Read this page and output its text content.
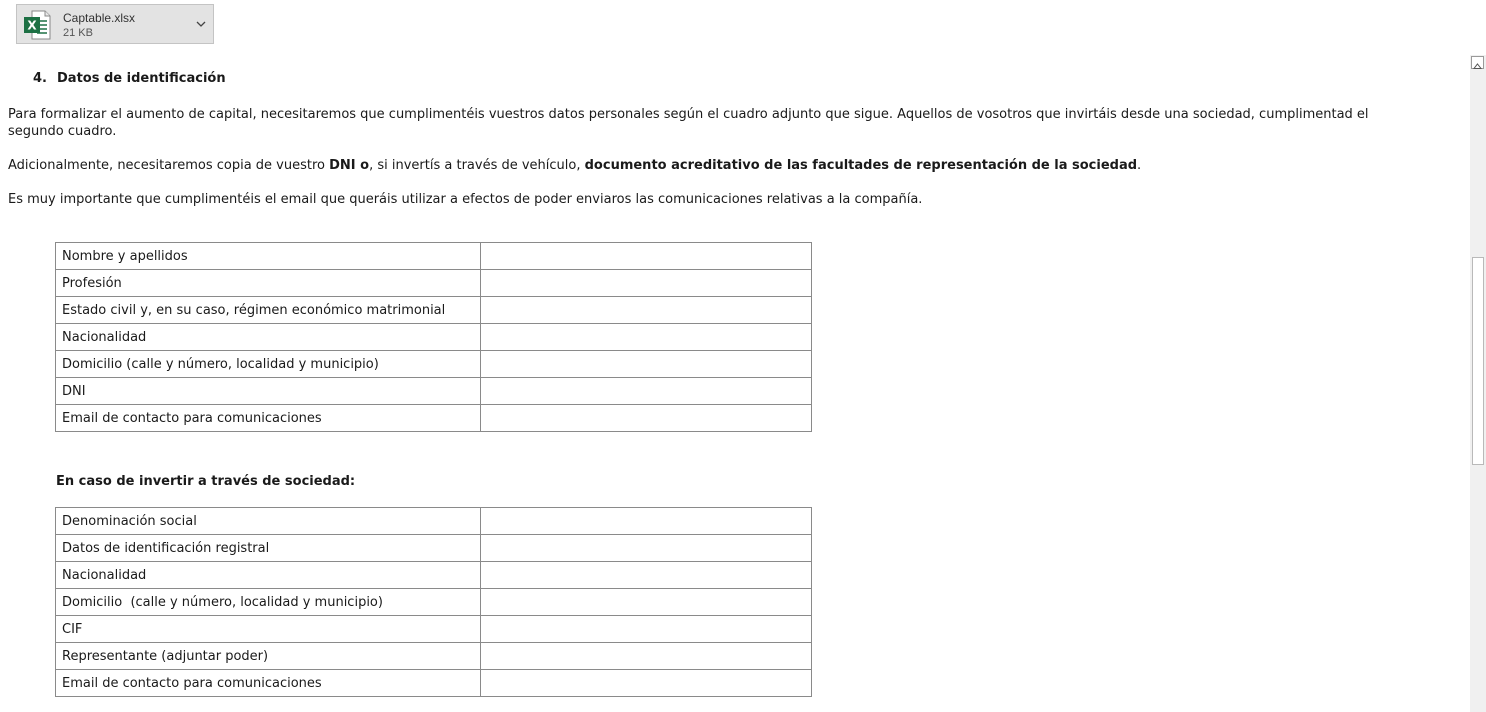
X
Captable.xlsx
21 KB
4. Datos de identificación
Para formalizar el aumento de capital, necesitaremos que cumplimentéis vuestros datos personales según el cuadro adjunto que sigue. Aquellos de vosotros que invirtáis desde una sociedad, cumplimentad el segundo cuadro.
Adicionalmente, necesitaremos copia de vuestro DNI o, si invertís a través de vehículo, documento acreditativo de las facultades de representación de la sociedad.
Es muy importante que cumplimentéis el email que queráis utilizar a efectos de poder enviaros las comunicaciones relativas a la compañía.
Nombre y apellidos	
Profesión	
Estado civil y, en su caso, régimen económico matrimonial	
Nacionalidad	
Domicilio (calle y número, localidad y municipio)	
DNI	
Email de contacto para comunicaciones	
En caso de invertir a través de sociedad:
Denominación social	
Datos de identificación registral	
Nacionalidad	
Domicilio  (calle y número, localidad y municipio)	
CIF	
Representante (adjuntar poder)	
Email de contacto para comunicaciones	
